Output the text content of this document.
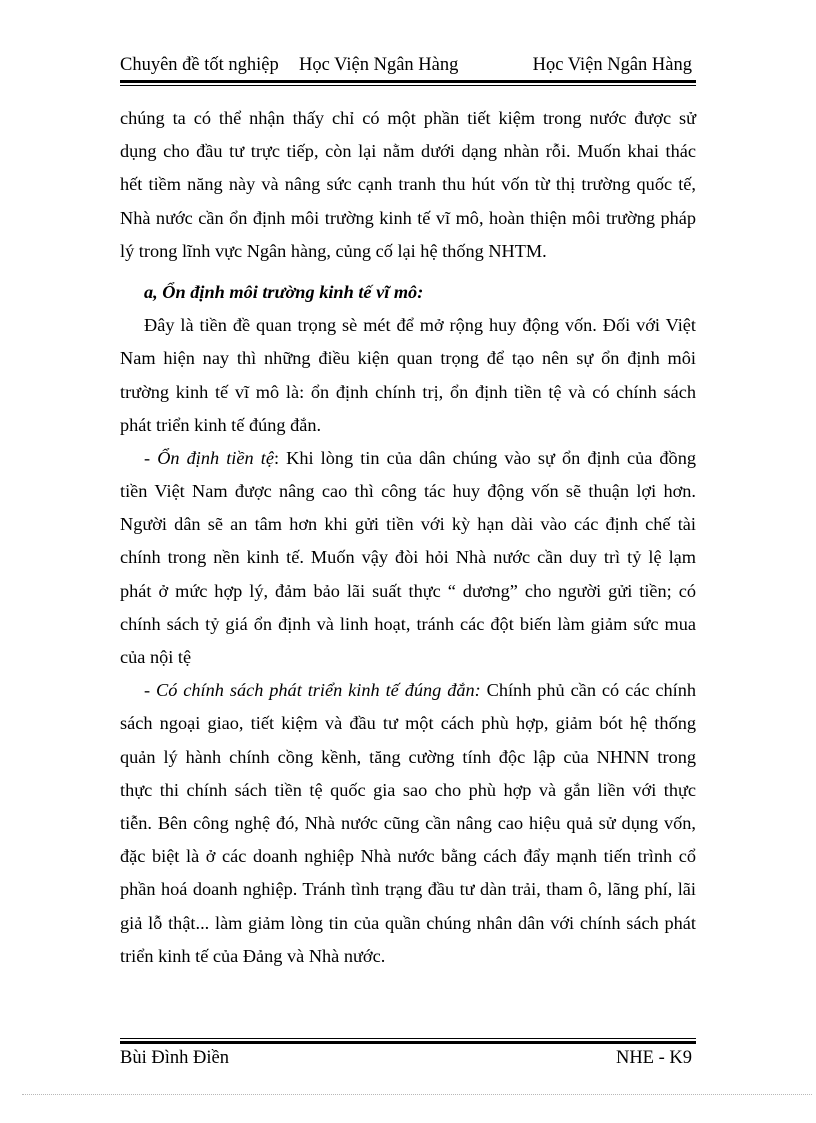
Chuyên đề tốt nghiệp Học Viện Ngân Hàng	Học Viện Ngân Hàng
chúng ta có thể nhận thấy chỉ có một phần tiết kiệm trong nước được sử
dụng cho đầu tư trực tiếp, còn lại nằm dưới dạng nhàn rỗi. Muốn khai thác
hết tiềm năng này và nâng sức cạnh tranh thu hút vốn từ thị trường quốc tế,
Nhà nước cần ổn định môi trường kinh tế vĩ mô, hoàn thiện môi trường pháp
lý trong lĩnh vực Ngân hàng, củng cố lại hệ thống NHTM.
a, Ổn định môi trường kinh tế vĩ mô:
Đây là tiền đề quan trọng sè mét để mở rộng huy động vốn. Đối với Việt
Nam hiện nay thì những điều kiện quan trọng để tạo nên sự ổn định môi
trường kinh tế vĩ mô là: ổn định chính trị, ổn định tiền tệ và có chính sách
phát triển kinh tế đúng đắn.
- Ổn định tiền tệ: Khi lòng tin của dân chúng vào sự ổn định của đồng
tiền Việt Nam được nâng cao thì công tác huy động vốn sẽ thuận lợi hơn.
Người dân sẽ an tâm hơn khi gửi tiền với kỳ hạn dài vào các định chế tài
chính trong nền kinh tế. Muốn vậy đòi hỏi Nhà nước cần duy trì tỷ lệ lạm
phát ở mức hợp lý, đảm bảo lãi suất thực “ dương” cho người gửi tiền; có
chính sách tỷ giá ổn định và linh hoạt, tránh các đột biến làm giảm sức mua
của nội tệ
- Có chính sách phát triển kinh tế đúng đắn: Chính phủ cần có các chính
sách ngoại giao, tiết kiệm và đầu tư một cách phù hợp, giảm bót hệ thống
quản lý hành chính cồng kềnh, tăng cường tính độc lập của NHNN trong
thực thi chính sách tiền tệ quốc gia sao cho phù hợp và gắn liền với thực
tiễn. Bên công nghệ đó, Nhà nước cũng cần nâng cao hiệu quả sử dụng vốn,
đặc biệt là ở các doanh nghiệp Nhà nước bằng cách đẩy mạnh tiến trình cổ
phần hoá doanh nghiệp. Tránh tình trạng đầu tư dàn trải, tham ô, lãng phí, lãi
giả lỗ thật... làm giảm lòng tin của quần chúng nhân dân với chính sách phát
triển kinh tế của Đảng và Nhà nước.
Bùi Đình Điền	NHE - K9
